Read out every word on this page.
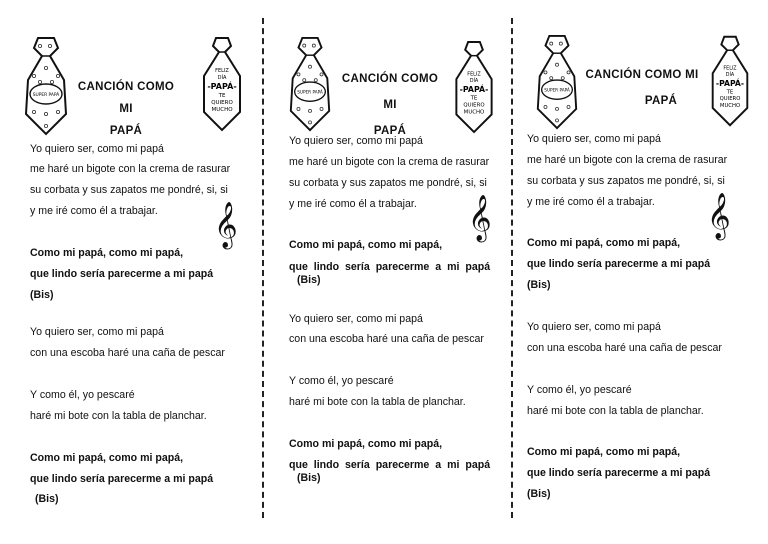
SUPER PAPÁ
CANCIÓN COMO MI
PAPÁ
FELIZ
DÍA
-PAPÁ-
TE
QUIERO
MUCHO
Yo quiero ser, como mi papá
me haré un bigote con la crema de rasurar
su corbata y sus zapatos me pondré, si, si
y me iré como él a trabajar. 𝄞
Como mi papá, como mi papá,
que lindo sería parecerme a mi papá
(Bis)
Yo quiero ser, como mi papá
con una escoba haré una caña de pescar
Y como él, yo pescaré
haré mi bote con la tabla de planchar.
Como mi papá, como mi papá,
que lindo sería parecerme a mi papá
(Bis)
SUPER PAPÁ
CANCIÓN COMO MI
PAPÁ
FELIZ
DÍA
-PAPÁ-
TE
QUIERO
MUCHO
Yo quiero ser, como mi papá
me haré un bigote con la crema de rasurar
su corbata y sus zapatos me pondré, si, si
y me iré como él a trabajar. 𝄞
Como mi papá, como mi papá,
que lindo sería parecerme a mi papá
(Bis)
Yo quiero ser, como mi papá
con una escoba haré una caña de pescar
Y como él, yo pescaré
haré mi bote con la tabla de planchar.
Como mi papá, como mi papá,
que lindo sería parecerme a mi papá
(Bis)
SUPER PAPÁ
CANCIÓN COMO MI
PAPÁ
FELIZ
DÍA
-PAPÁ-
TE
QUIERO
MUCHO
Yo quiero ser, como mi papá
me haré un bigote con la crema de rasurar
su corbata y sus zapatos me pondré, si, si
y me iré como él a trabajar. 𝄞
Como mi papá, como mi papá,
que lindo sería parecerme a mi papá
(Bis)
Yo quiero ser, como mi papá
con una escoba haré una caña de pescar
Y como él, yo pescaré
haré mi bote con la tabla de planchar.
Como mi papá, como mi papá,
que lindo sería parecerme a mi papá
(Bis)
